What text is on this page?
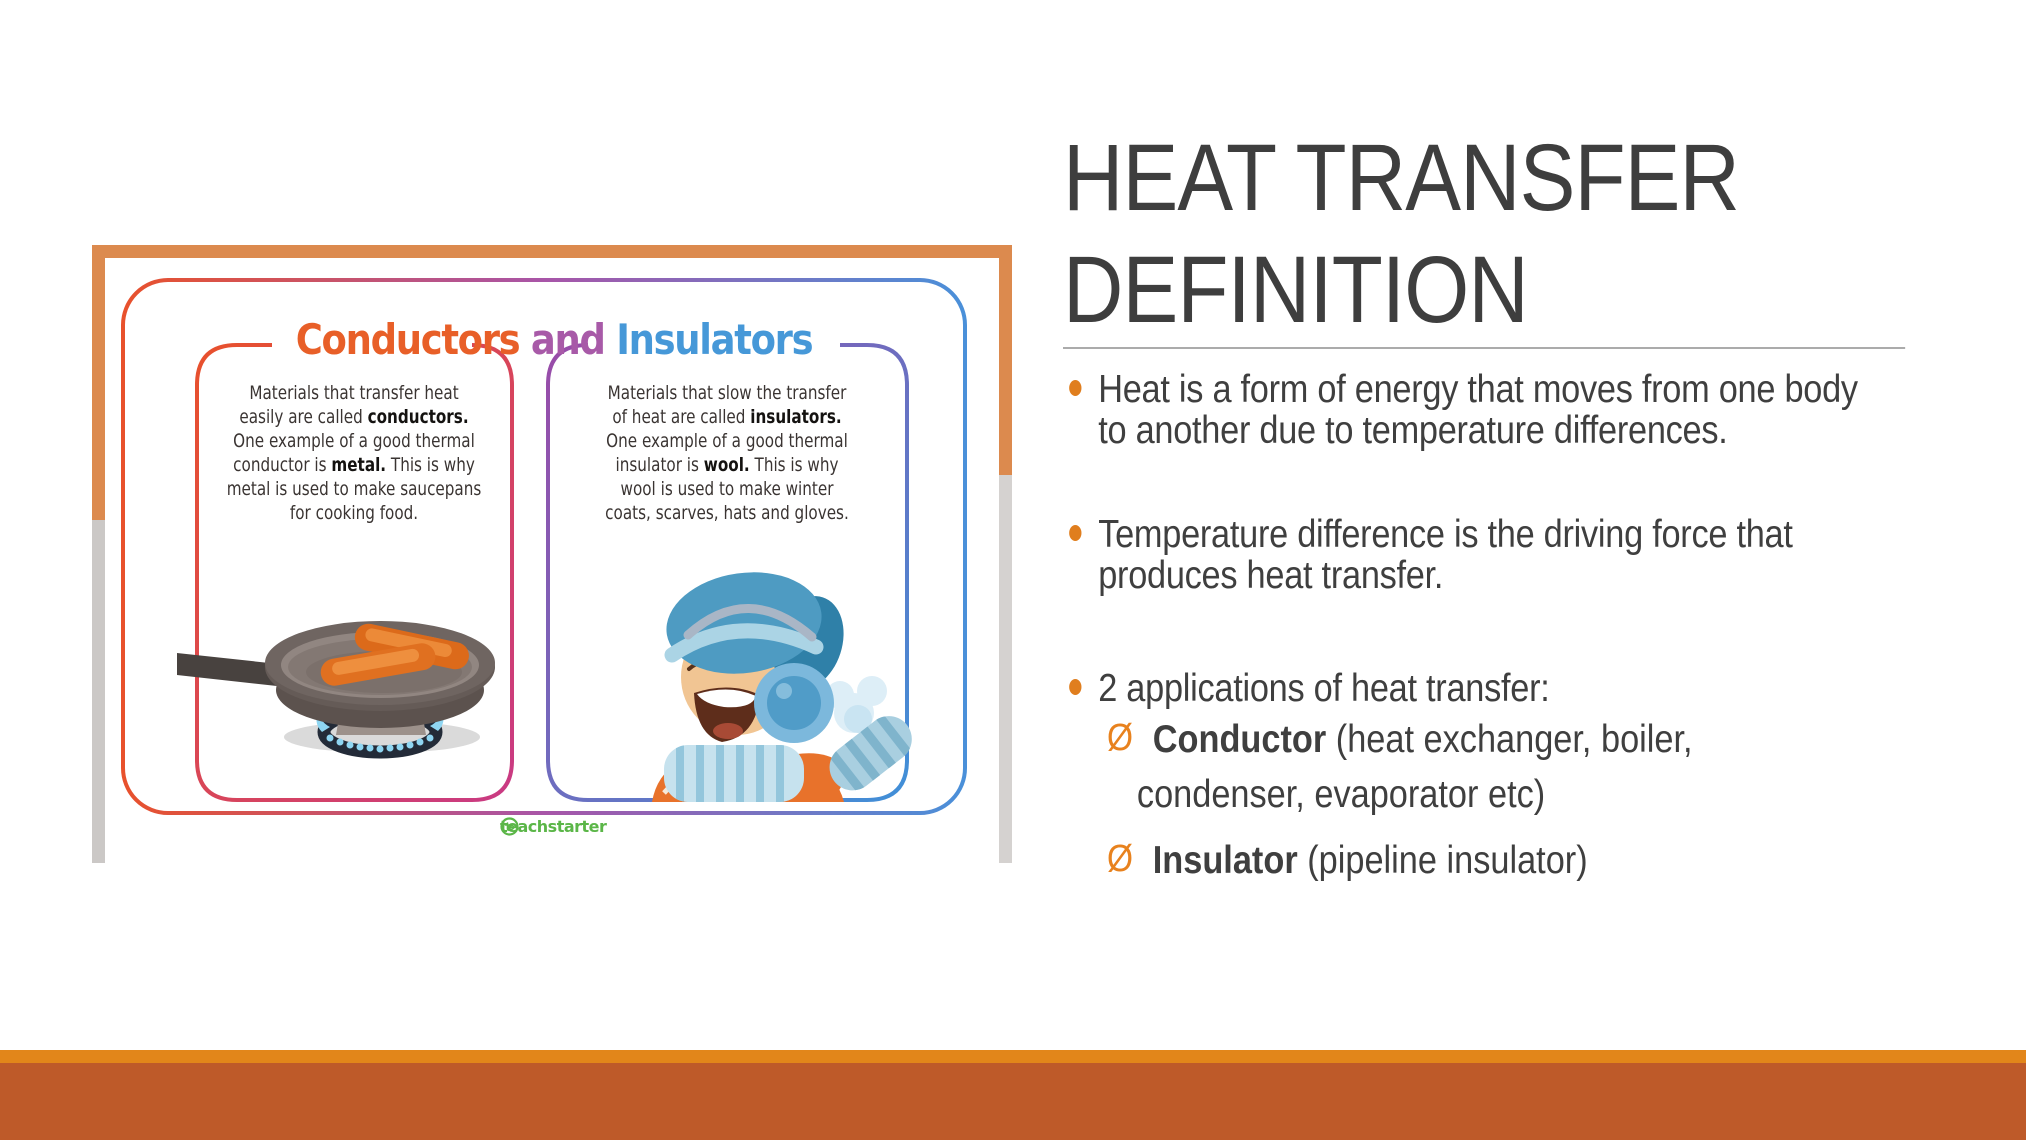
Conductors and Insulators
Materials that transfer heat
easily are called conductors.
One example of a good thermal
conductor is metal. This is why
metal is used to make saucepans
for cooking food.
Materials that slow the transfer
of heat are called insulators.
One example of a good thermal
insulator is wool. This is why
wool is used to make winter
coats, scarves, hats and gloves.
teachstarter
HEAT TRANSFER
DEFINITION
Heat is a form of energy that moves from one body
to another due to temperature differences.
Temperature difference is the driving force that
produces heat transfer.
2 applications of heat transfer:
Ø Conductor (heat exchanger, boiler,
condenser, evaporator etc)
Ø Insulator (pipeline insulator)
